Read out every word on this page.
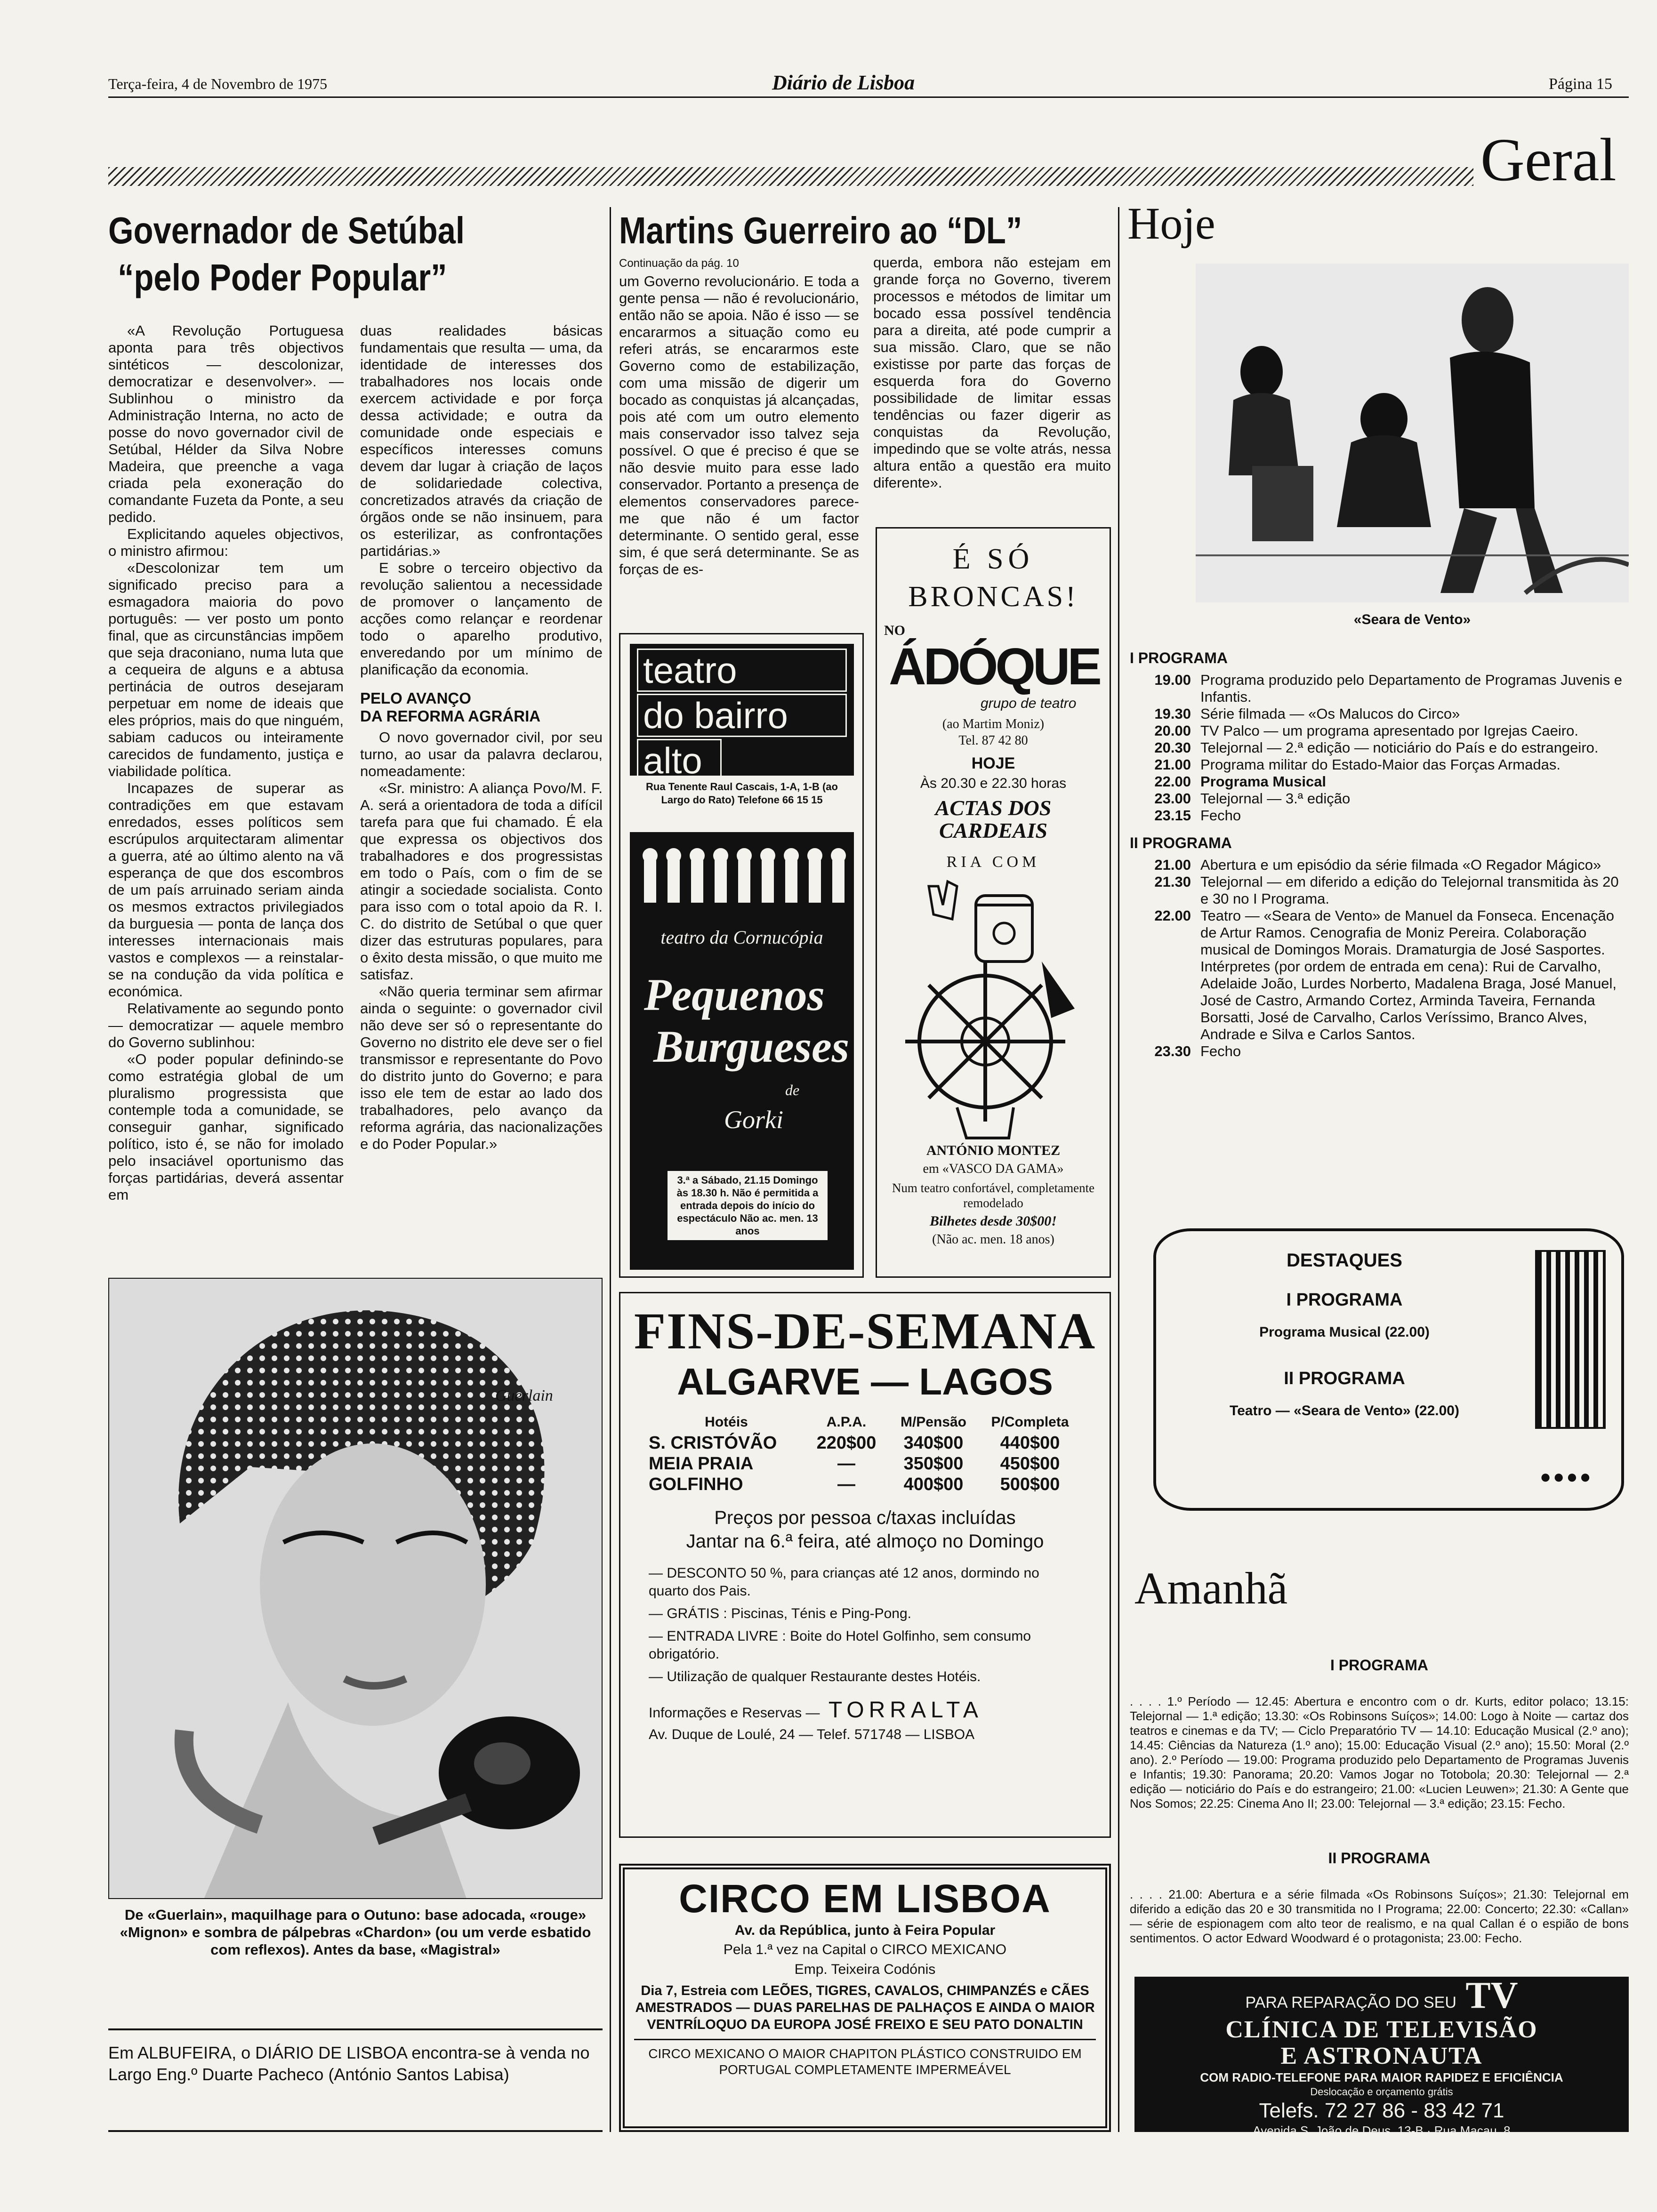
Terça-feira, 4 de Novembro de 1975	Diário de Lisboa	Página 15
Geral
Governador de Setúbal
“pelo Poder Popular”

«A Revolução Portuguesa aponta para três objectivos sintéticos — descolonizar, democratizar e desenvolver». — Sublinhou o ministro da Administração Interna, no acto de posse do novo governador civil de Setúbal, Hélder da Silva Nobre Madeira, que preenche a vaga criada pela exoneração do comandante Fuzeta da Ponte, a seu pedido.

Explicitando aqueles objectivos, o ministro afirmou:

«Descolonizar tem um significado preciso para a esmagadora maioria do povo português: — ver posto um ponto final, que as circunstâncias impõem que seja draconiano, numa luta que a cequeira de alguns e a abtusa pertinácia de outros desejaram perpetuar em nome de ideais que eles próprios, mais do que ninguém, sabiam caducos ou inteiramente carecidos de fundamento, justiça e viabilidade política.

Incapazes de superar as contradições em que estavam enredados, esses políticos sem escrúpulos arquitectaram alimentar a guerra, até ao último alento na vã esperança de que dos escombros de um país arruinado seriam ainda os mesmos extractos privilegiados da burguesia — ponta de lança dos interesses internacionais mais vastos e complexos — a reinstalar-se na condução da vida política e económica.

Relativamente ao segundo ponto — democratizar — aquele membro do Governo sublinhou:

«O poder popular definindo-se como estratégia global de um pluralismo progressista que contemple toda a comunidade, se conseguir ganhar, significado político, isto é, se não for imolado pelo insaciável oportunismo das forças partidárias, deverá assentar em

duas realidades básicas fundamentais que resulta — uma, da identidade de interesses dos trabalhadores nos locais onde exercem actividade e por força dessa actividade; e outra da comunidade onde especiais e específicos interesses comuns devem dar lugar à criação de laços de solidariedade colectiva, concretizados através da criação de órgãos onde se não insinuem, para os esterilizar, as confrontações partidárias.»

E sobre o terceiro objectivo da revolução salientou a necessidade de promover o lançamento de acções como relançar e reordenar todo o aparelho produtivo, enveredando por um mínimo de planificação da economia.

PELO AVANÇO
DA REFORMA AGRÁRIA

O novo governador civil, por seu turno, ao usar da palavra declarou, nomeadamente:

«Sr. ministro: A aliança Povo/M. F. A. será a orientadora de toda a difícil tarefa para que fui chamado. É ela que expressa os objectivos dos trabalhadores e dos progressistas em todo o País, com o fim de se atingir a sociedade socialista. Conto para isso com o total apoio da R. I. C. do distrito de Setúbal o que quer dizer das estruturas populares, para o êxito desta missão, o que muito me satisfaz.

«Não queria terminar sem afirmar ainda o seguinte: o governador civil não deve ser só o representante do Governo no distrito ele deve ser o fiel transmissor e representante do Povo do distrito junto do Governo; e para isso ele tem de estar ao lado dos trabalhadores, pelo avanço da reforma agrária, das nacionalizações e do Poder Popular.»

Guerlain
De «Guerlain», maquilhage para o Outuno: base adocada, «rouge» «Mignon» e sombra de pálpebras «Chardon» (ou um verde esbatido com reflexos). Antes da base, «Magistral»
Em ALBUFEIRA, o DIÁRIO DE LISBOA encontra-se à venda no Largo Eng.º Duarte Pacheco (António Santos Labisa)
Martins Guerreiro ao “DL”
Continuação da pág. 10
um Governo revolucionário. E toda a gente pensa — não é revolucionário, então não se apoia. Não é isso — se encararmos a situação como eu referi atrás, se encararmos este Governo como de estabilização, com uma missão de digerir um bocado as conquistas já alcançadas, pois até com um outro elemento mais conservador isso talvez seja possível. O que é preciso é que se não desvie muito para esse lado conservador. Portanto a presença de elementos conservadores parece-me que não é um factor determinante. O sentido geral, esse sim, é que será determinante. Se as forças de es-
querda, embora não estejam em grande força no Governo, tiverem processos e métodos de limitar um bocado essa possível tendência para a direita, até pode cumprir a sua missão. Claro, que se não existisse por parte das forças de esquerda fora do Governo possibilidade de limitar essas tendências ou fazer digerir as conquistas da Revolução, impedindo que se volte atrás, nessa altura então a questão era muito diferente».
teatro
do bairro
alto
Rua Tenente Raul Cascais, 1-A, 1-B (ao Largo do Rato) Telefone 66 15 15
teatro da Cornucópia
Pequenos
Burgueses
de
Gorki
3.ª a Sábado, 21.15 Domingo às 18.30 h. Não é permitida a entrada depois do início do espectáculo Não ac. men. 13 anos
É SÓ
BRONCAS!
NO
ÁDÓQUE
grupo de teatro
(ao Martim Moniz)
Tel. 87 42 80
HOJE
Às 20.30 e 22.30 horas
ACTAS DOS CARDEAIS
RIA COM
ANTÓNIO MONTEZ
em «VASCO DA GAMA»
Num teatro confortável, completamente remodelado
Bilhetes desde 30$00!
(Não ac. men. 18 anos)
FINS-DE-SEMANA
ALGARVE — LAGOS
Hotéis	A.P.A.	M/Pensão	P/Completa
S. CRISTÓVÃO	220$00	340$00	440$00
MEIA PRAIA	—	350$00	450$00
GOLFINHO	—	400$00	500$00
Preços por pessoa c/taxas incluídas
Jantar na 6.ª feira, até almoço no Domingo
— DESCONTO 50 %, para crianças até 12 anos, dormindo no quarto dos Pais.
— GRÁTIS : Piscinas, Ténis e Ping-Pong.
— ENTRADA LIVRE : Boite do Hotel Golfinho, sem consumo obrigatório.
— Utilização de qualquer Restaurante destes Hotéis.
Informações e Reservas — TORRALTA
Av. Duque de Loulé, 24 — Telef. 571748 — LISBOA
CIRCO EM LISBOA
Av. da República, junto à Feira Popular
Pela 1.ª vez na Capital o CIRCO MEXICANO
Emp. Teixeira Codónis
Dia 7, Estreia com LEÕES, TIGRES, CAVALOS, CHIMPANZÉS e CÃES AMESTRADOS — DUAS PARELHAS DE PALHAÇOS E AINDA O MAIOR VENTRÍLOQUO DA EUROPA JOSÉ FREIXO E SEU PATO DONALTIN
CIRCO MEXICANO O MAIOR CHAPITON PLÁSTICO CONSTRUIDO EM PORTUGAL COMPLETAMENTE IMPERMEÁVEL
Hoje
«Seara de Vento»
I PROGRAMA
19.00	Programa produzido pelo Departamento de Programas Juvenis e Infantis.
19.30	Série filmada — «Os Malucos do Circo»
20.00	TV Palco — um programa apresentado por Igrejas Caeiro.
20.30	Telejornal — 2.ª edição — noticiário do País e do estrangeiro.
21.00	Programa militar do Estado-Maior das Forças Armadas.
22.00	Programa Musical
23.00	Telejornal — 3.ª edição
23.15	Fecho
II PROGRAMA
21.00	Abertura e um episódio da série filmada «O Regador Mágico»
21.30	Telejornal — em diferido a edição do Telejornal transmitida às 20 e 30 no I Programa.
22.00	Teatro — «Seara de Vento» de Manuel da Fonseca. Encenação de Artur Ramos. Cenografia de Moniz Pereira. Colaboração musical de Domingos Morais. Dramaturgia de José Sasportes. Intérpretes (por ordem de entrada em cena): Rui de Carvalho, Adelaide João, Lurdes Norberto, Madalena Braga, José Manuel, José de Castro, Armando Cortez, Arminda Taveira, Fernanda Borsatti, José de Carvalho, Carlos Veríssimo, Branco Alves, Andrade e Silva e Carlos Santos.
23.30	Fecho
DESTAQUES
I PROGRAMA
Programa Musical (22.00)
II PROGRAMA
Teatro — «Seara de Vento» (22.00)
●●●●
Amanhã
I PROGRAMA
. . . . 1.º Período — 12.45: Abertura e encontro com o dr. Kurts, editor polaco; 13.15: Telejornal — 1.ª edição; 13.30: «Os Robinsons Suíços»; 14.00: Logo à Noite — cartaz dos teatros e cinemas e da TV; — Ciclo Preparatório TV — 14.10: Educação Musical (2.º ano); 14.45: Ciências da Natureza (1.º ano); 15.00: Educação Visual (2.º ano); 15.50: Moral (2.º ano). 2.º Período — 19.00: Programa produzido pelo Departamento de Programas Juvenis e Infantis; 19.30: Panorama; 20.20: Vamos Jogar no Totobola; 20.30: Telejornal — 2.ª edição — noticiário do País e do estrangeiro; 21.00: «Lucien Leuwen»; 21.30: A Gente que Nos Somos; 22.25: Cinema Ano II; 23.00: Telejornal — 3.ª edição; 23.15: Fecho.
II PROGRAMA
. . . . 21.00: Abertura e a série filmada «Os Robinsons Suíços»; 21.30: Telejornal em diferido a edição das 20 e 30 transmitida no I Programa; 22.00: Concerto; 22.30: «Callan» — série de espionagem com alto teor de realismo, e na qual Callan é o espião de bons sentimentos. O actor Edward Woodward é o protagonista; 23.00: Fecho.
PARA REPARAÇÃO DO SEU TV
CLÍNICA DE TELEVISÃO
E ASTRONAUTA
COM RADIO-TELEFONE PARA MAIOR RAPIDEZ E EFICIÊNCIA
Deslocação e orçamento grátis
Telefs. 72 27 86 - 83 42 71
Avenida S. João de Deus, 13-B · Rua Macau, 8
